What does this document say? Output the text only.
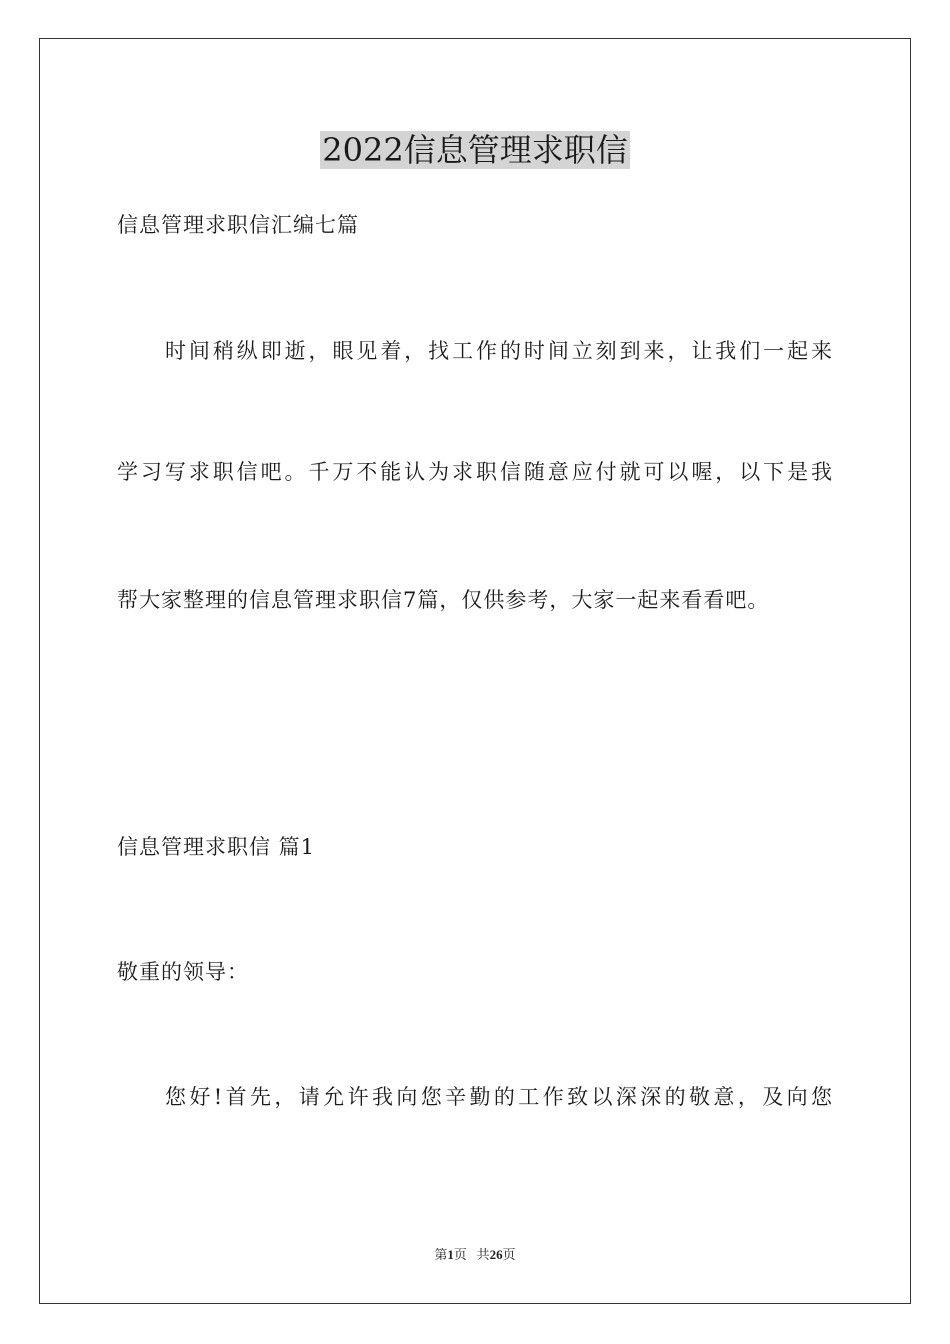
2022信息管理求职信
信息管理求职信汇编七篇
时间稍纵即逝，眼见着，找工作的时间立刻到来，让我们一起来
学习写求职信吧。千万不能认为求职信随意应付就可以喔，以下是我
帮大家整理的信息管理求职信7篇，仅供参考，大家一起来看看吧。
信息管理求职信 篇1
敬重的领导：
您好!首先，请允许我向您辛勤的工作致以深深的敬意，及向您
第1页 共26页
